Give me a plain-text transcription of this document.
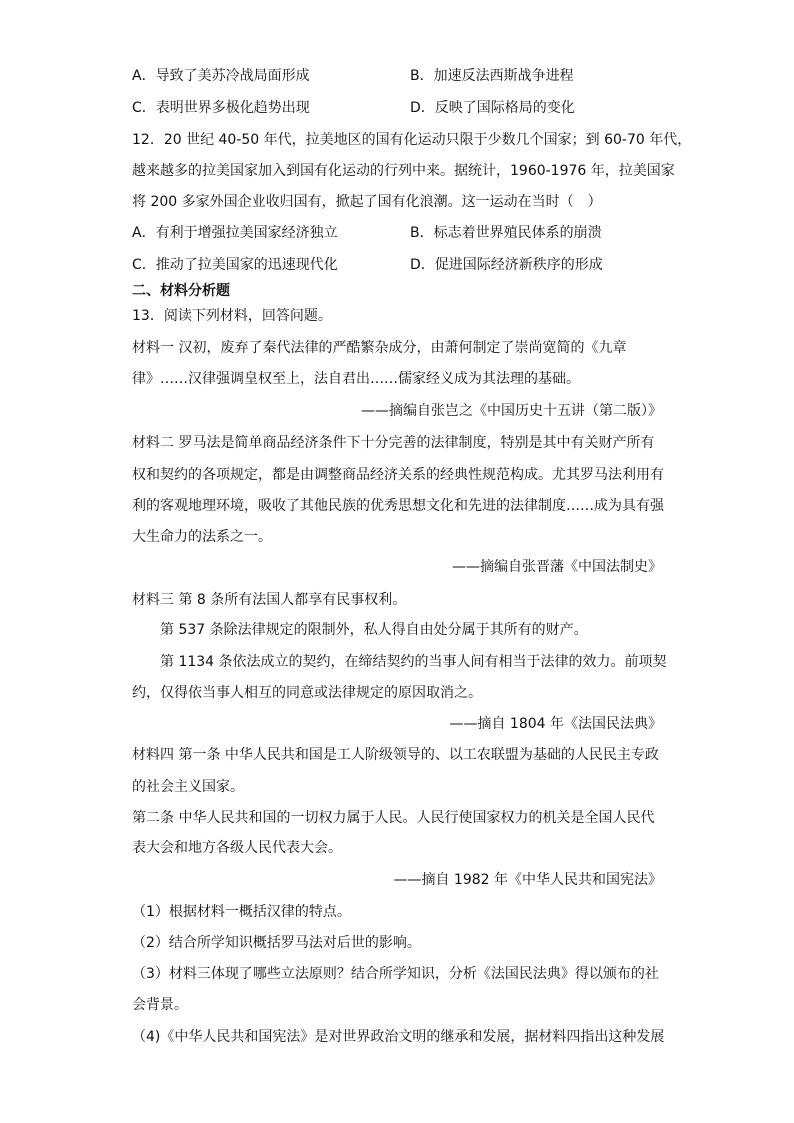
A．导致了美苏冷战局面形成	B．加速反法西斯战争进程
C．表明世界多极化趋势出现	D．反映了国际格局的变化
12．20 世纪 40-50 年代，拉美地区的国有化运动只限于少数几个国家；到 60-70 年代，
越来越多的拉美国家加入到国有化运动的行列中来。据统计，1960-1976 年，拉美国家
将 200 多家外国企业收归国有，掀起了国有化浪潮。这一运动在当时（　）
A．有利于增强拉美国家经济独立	B．标志着世界殖民体系的崩溃
C．推动了拉美国家的迅速现代化	D．促进国际经济新秩序的形成
二、材料分析题
13．阅读下列材料，回答问题。
材料一 汉初，废弃了秦代法律的严酷繁杂成分，由萧何制定了崇尚宽简的《九章
律》……汉律强调皇权至上，法自君出……儒家经义成为其法理的基础。
——摘编自张岂之《中国历史十五讲（第二版）》
材料二 罗马法是简单商品经济条件下十分完善的法律制度，特别是其中有关财产所有
权和契约的各项规定，都是由调整商品经济关系的经典性规范构成。尤其罗马法利用有
利的客观地理环境，吸收了其他民族的优秀思想文化和先进的法律制度……成为具有强
大生命力的法系之一。
——摘编自张晋藩《中国法制史》
材料三 第 8 条所有法国人都享有民事权利。
第 537 条除法律规定的限制外，私人得自由处分属于其所有的财产。
第 1134 条依法成立的契约，在缔结契约的当事人间有相当于法律的效力。前项契
约，仅得依当事人相互的同意或法律规定的原因取消之。
——摘自 1804 年《法国民法典》
材料四 第一条 中华人民共和国是工人阶级领导的、以工农联盟为基础的人民民主专政
的社会主义国家。
第二条 中华人民共和国的一切权力属于人民。人民行使国家权力的机关是全国人民代
表大会和地方各级人民代表大会。
——摘自 1982 年《中华人民共和国宪法》
（1）根据材料一概括汉律的特点。
（2）结合所学知识概括罗马法对后世的影响。
（3）材料三体现了哪些立法原则？结合所学知识，分析《法国民法典》得以颁布的社
会背景。
（4)《中华人民共和国宪法》是对世界政治文明的继承和发展，据材料四指出这种发展
